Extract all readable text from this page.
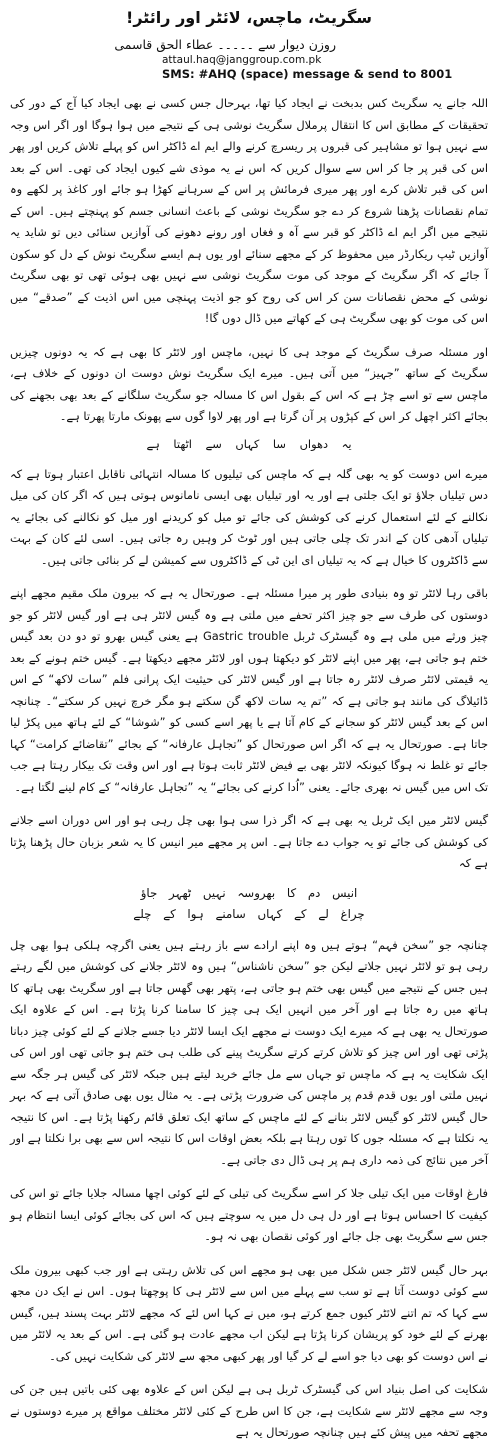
سگریٹ، ماچس، لائٹر اور رائٹر!
روزن دیوار سے ۔۔۔۔۔ عطاء الحق قاسمی
attaul.haq@janggroup.com.pk
SMS: #AHQ (space) message & send to 8001

اللہ جانے یہ سگریٹ کس بدبخت نے ایجاد کیا تھا، بہرحال جس کسی نے بھی ایجاد کیا آج کے دور کی تحقیقات کے مطابق اس کا انتقال پرملال سگریٹ نوشی ہی کے نتیجے میں ہوا ہوگا اور اگر اس وجہ سے نہیں ہوا تو مشاہیر کی قبروں پر ریسرچ کرنے والے ایم اے ڈاکٹر اس کو پہلے تلاش کریں اور پھر اس کی قبر پر جا کر اس سے سوال کریں کہ اس نے یہ موذی شے کیوں ایجاد کی تھی۔ اس کے بعد اس کی قبر تلاش کرے اور پھر میری فرمائش پر اس کے سرہانے کھڑا ہو جائے اور کاغذ پر لکھے وہ تمام نقصانات پڑھنا شروع کر دے جو سگریٹ نوشی کے باعث انسانی جسم کو پہنچتے ہیں۔ اس کے نتیجے میں اگر ایم اے ڈاکٹر کو قبر سے آہ و فغاں اور رونے دھونے کی آوازیں سنائی دیں تو شاید یہ آوازیں ٹیپ ریکارڈر میں محفوظ کر کے مجھے سنائے اور یوں ہم ایسے سگریٹ نوش کے دل کو سکون آ جائے کہ اگر سگریٹ کے موجد کی موت سگریٹ نوشی سے نہیں بھی ہوئی تھی تو بھی سگریٹ نوشی کے محض نقصانات سن کر اس کی روح کو جو اذیت پہنچی میں اس اذیت کے ”صدقے“ میں اس کی موت کو بھی سگریٹ ہی کے کھاتے میں ڈال دوں گا!

اور مسئلہ صرف سگریٹ کے موجد ہی کا نہیں، ماچس اور لائٹر کا بھی ہے کہ یہ دونوں چیزیں سگریٹ کے ساتھ ”جہیز“ میں آتی ہیں۔ میرے ایک سگریٹ نوش دوست ان دونوں کے خلاف ہے، ماچس سے تو اسے چڑ ہے کہ اس کے بقول اس کا مسالہ جو سگریٹ سلگانے کے بعد بھی بجھنے کی بجائے اکثر اچھل کر اس کے کپڑوں پر آن گرتا ہے اور پھر لاوا گوں سے پھونک مارتا پھرتا ہے۔

یہ دھواں سا کہاں سے اٹھتا ہے

میرے اس دوست کو یہ بھی گلہ ہے کہ ماچس کی تیلیوں کا مسالہ انتہائی ناقابل اعتبار ہوتا ہے کہ دس تیلیاں جلاؤ تو ایک جلتی ہے اور یہ اور تیلیاں بھی ایسی نامانوس ہوتی ہیں کہ اگر کان کی میل نکالنے کے لئے استعمال کرنے کی کوشش کی جائے تو میل کو کریدنے اور میل کو نکالنے کی بجائے یہ تیلیاں آدھی کان کے اندر تک چلی جاتی ہیں اور ٹوٹ کر وہیں رہ جاتی ہیں۔ اسی لئے کان کے بہت سے ڈاکٹروں کا خیال ہے کہ یہ تیلیاں ای این ٹی کے ڈاکٹروں سے کمیشن لے کر بنائی جاتی ہیں۔

باقی رہا لائٹر تو وہ بنیادی طور پر میرا مسئلہ ہے۔ صورتحال یہ ہے کہ بیرون ملک مقیم مجھے اپنے دوستوں کی طرف سے جو چیز اکثر تحفے میں ملتی ہے وہ گیس لائٹر ہی ہے اور گیس لائٹر کو جو چیز ورثے میں ملی ہے وہ گیسٹرک ٹربل Gastric trouble ہے یعنی گیس بھرو تو دو دن بعد گیس ختم ہو جاتی ہے، پھر میں اپنے لائٹر کو دیکھتا ہوں اور لائٹر مجھے دیکھتا ہے۔ گیس ختم ہونے کے بعد یہ قیمتی لائٹر صرف لائٹر رہ جاتا ہے اور گیس لائٹر کی حیثیت ایک پرانی فلم ”سات لاکھ“ کے اس ڈائیلاگ کی مانند ہو جاتی ہے کہ ”تم یہ سات لاکھ گن سکتے ہو مگر خرچ نہیں کر سکتے“۔ چنانچہ اس کے بعد گیس لائٹر کو سجانے کے کام آتا ہے یا پھر اسے کسی کو ”شوشا“ کے لئے ہاتھ میں پکڑ لیا جاتا ہے۔ صورتحال یہ ہے کہ اگر اس صورتحال کو ”تجاہل عارفانہ“ کے بجائے ”تقاضائے کرامت“ کہا جائے تو غلط نہ ہوگا کیونکہ لائٹر بھی بے فیض لائٹر ثابت ہوتا ہے اور اس وقت تک بیکار رہتا ہے جب تک اس میں گیس نہ بھری جائے۔ یعنی ”اُدا کرنے کی بجائے“ یہ ”تجاہل عارفانہ“ کے کام لینے لگتا ہے۔

گیس لائٹر میں ایک ٹربل یہ بھی ہے کہ اگر ذرا سی ہوا بھی چل رہی ہو اور اس دوران اسے جلانے کی کوشش کی جائے تو یہ جواب دے جاتا ہے۔ اس پر مجھے میر انیس کا یہ شعر بزبان حال پڑھنا پڑتا ہے کہ

انیس دم کا بھروسہ نہیں ٹھہر جاؤ
چراغ لے کے کہاں سامنے ہوا کے چلے

چنانچہ جو ”سخن فہم“ ہوتے ہیں وہ اپنے ارادے سے باز رہتے ہیں یعنی اگرچہ ہلکی ہوا بھی چل رہی ہو تو لائٹر نہیں جلاتے لیکن جو ”سخن ناشناس“ ہیں وہ لائٹر جلانے کی کوشش میں لگے رہتے ہیں جس کے نتیجے میں گیس بھی ختم ہو جاتی ہے، پتھر بھی گھس جاتا ہے اور سگریٹ بھی ہاتھ کا ہاتھ میں رہ جاتا ہے اور آخر میں انہیں ایک ہی چیز کا سامنا کرنا پڑتا ہے۔ اس کے علاوہ ایک صورتحال یہ بھی ہے کہ میرے ایک دوست نے مجھے ایک ایسا لائٹر دیا جسے جلانے کے لئے کوئی چیز دبانا پڑتی تھی اور اس چیز کو تلاش کرتے کرتے سگریٹ پینے کی طلب ہی ختم ہو جاتی تھی اور اس کی ایک شکایت یہ ہے کہ ماچس تو جہاں سے مل جائے خرید لیتے ہیں جبکہ لائٹر کی گیس ہر جگہ سے نہیں ملتی اور یوں قدم قدم پر ماچس کی ضرورت پڑتی ہے۔ یہ مثال یوں بھی صادق آتی ہے کہ بہر حال گیس لائٹر کو گیس لائٹر بنانے کے لئے ماچس کے ساتھ ایک تعلق قائم رکھنا پڑتا ہے۔ اس کا نتیجہ یہ نکلتا ہے کہ مسئلہ جوں کا توں رہتا ہے بلکہ بعض اوقات اس کا نتیجہ اس سے بھی برا نکلتا ہے اور آخر میں نتائج کی ذمہ داری ہم پر ہی ڈال دی جاتی ہے۔

فارغ اوقات میں ایک تیلی جلا کر اسے سگریٹ کی تیلی کے لئے کوئی اچھا مسالہ جلایا جائے تو اس کی کیفیت کا احساس ہوتا ہے اور دل ہی دل میں یہ سوچتے ہیں کہ اس کی بجائے کوئی ایسا انتظام ہو جس سے سگریٹ بھی جل جائے اور کوئی نقصان بھی نہ ہو۔

بہر حال گیس لائٹر جس شکل میں بھی ہو مجھے اس کی تلاش رہتی ہے اور جب کبھی بیرون ملک سے کوئی دوست آتا ہے تو سب سے پہلے میں اس سے لائٹر ہی کا پوچھتا ہوں۔ اس نے ایک دن مجھ سے کہا کہ تم اتنے لائٹر کیوں جمع کرتے ہو، میں نے کہا اس لئے کہ مجھے لائٹر بہت پسند ہیں، گیس بھرنے کے لئے خود کو پریشان کرنا پڑتا ہے لیکن اب مجھے عادت ہو گئی ہے۔ اس کے بعد یہ لائٹر میں نے اس دوست کو بھی دیا جو اسے لے کر گیا اور پھر کبھی مجھ سے لائٹر کی شکایت نہیں کی۔

شکایت کی اصل بنیاد اس کی گیسٹرک ٹربل ہی ہے لیکن اس کے علاوہ بھی کئی باتیں ہیں جن کی وجہ سے مجھے لائٹر سے شکایت ہے، جن کا اس طرح کے کئی لائٹر مختلف مواقع پر میرے دوستوں نے مجھے تحفہ میں پیش کئے ہیں چنانچہ صورتحال یہ ہے
